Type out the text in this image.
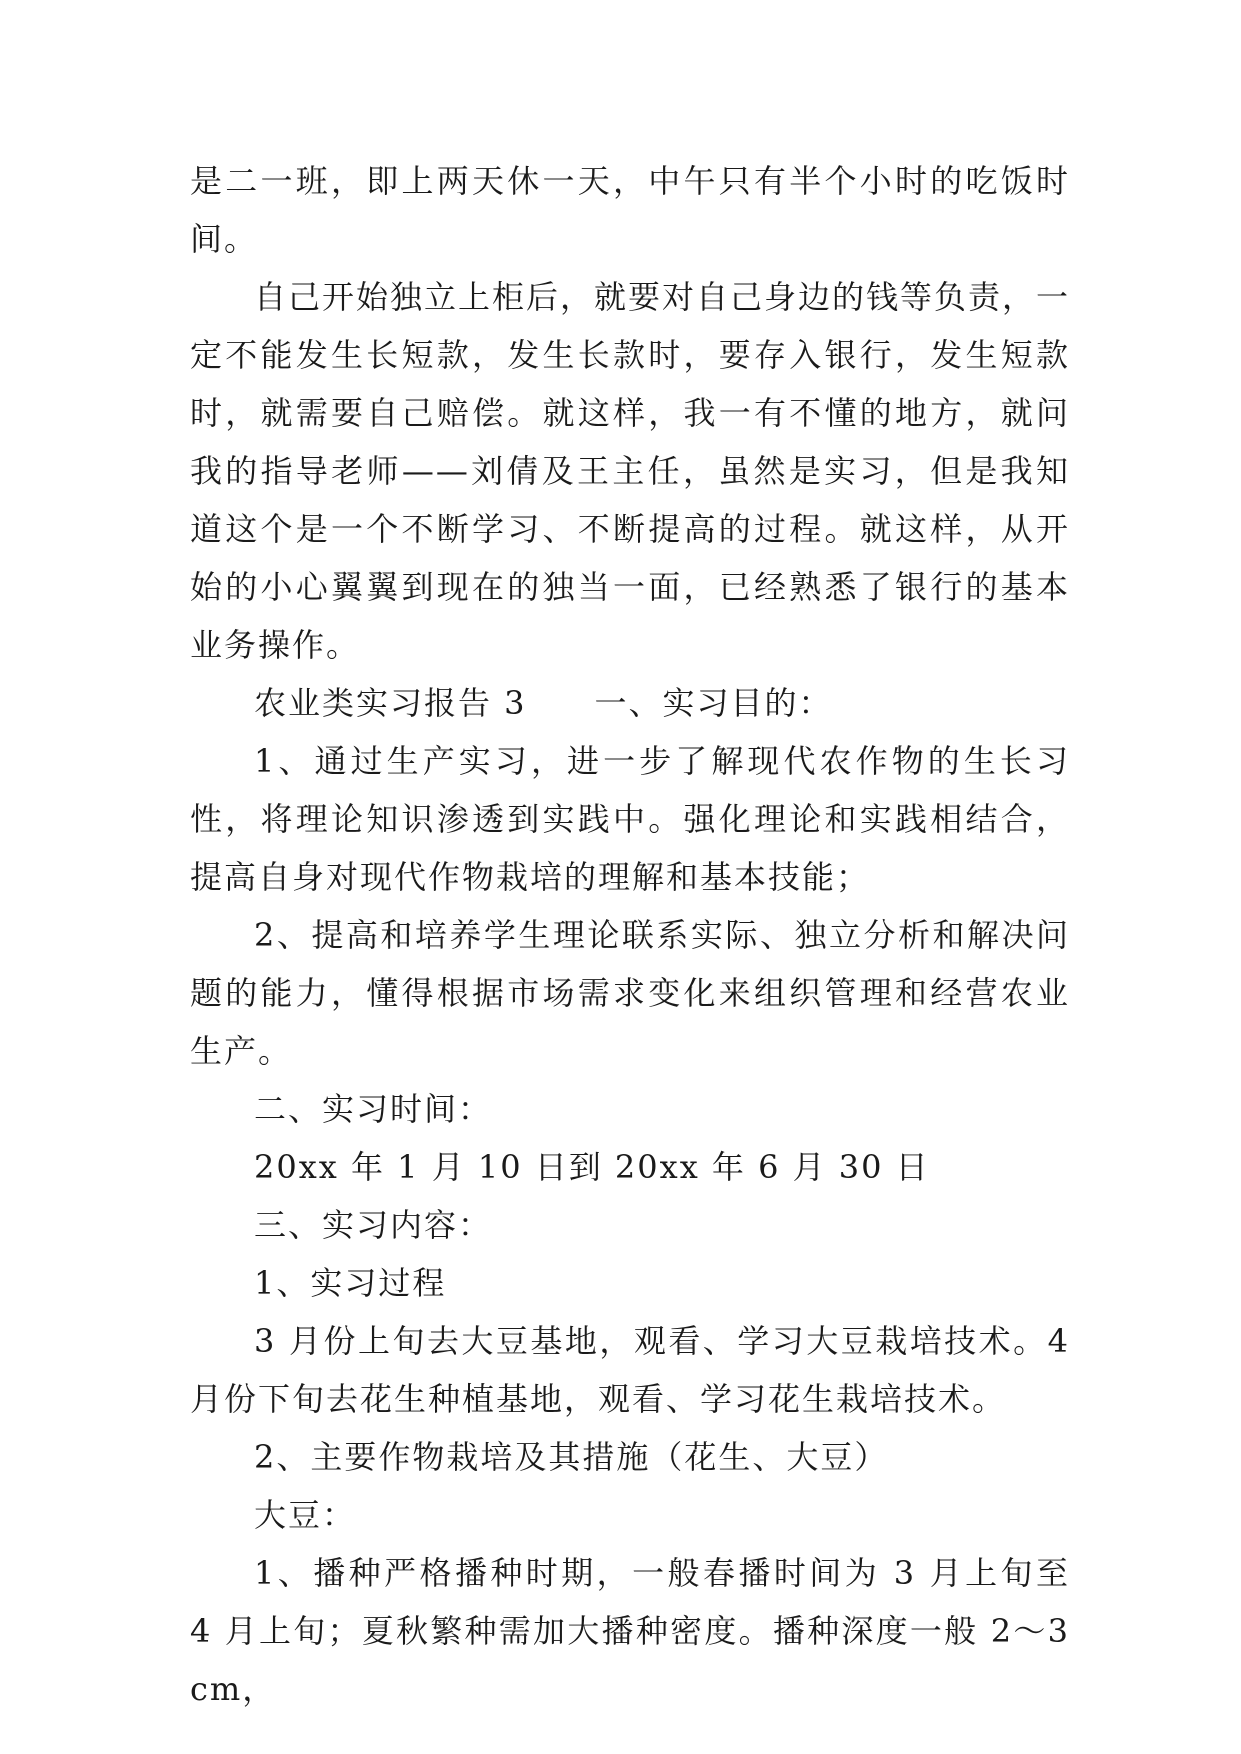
是二一班，即上两天休一天，中午只有半个小时的吃饭时间。

自己开始独立上柜后，就要对自己身边的钱等负责，一定不能发生长短款，发生长款时，要存入银行，发生短款时，就需要自己赔偿。就这样，我一有不懂的地方，就问我的指导老师——刘倩及王主任，虽然是实习，但是我知道这个是一个不断学习、不断提高的过程。就这样，从开始的小心翼翼到现在的独当一面，已经熟悉了银行的基本业务操作。

农业类实习报告 3　　一、实习目的：

1、通过生产实习，进一步了解现代农作物的生长习性，将理论知识渗透到实践中。强化理论和实践相结合，提高自身对现代作物栽培的理解和基本技能；

2、提高和培养学生理论联系实际、独立分析和解决问题的能力，懂得根据市场需求变化来组织管理和经营农业生产。

二、实习时间：

20xx 年 1 月 10 日到 20xx 年 6 月 30 日

三、实习内容：

1、实习过程

3 月份上旬去大豆基地，观看、学习大豆栽培技术。4 月份下旬去花生种植基地，观看、学习花生栽培技术。

2、主要作物栽培及其措施（花生、大豆）

大豆：

1、播种严格播种时期，一般春播时间为 3 月上旬至 4 月上旬；夏秋繁种需加大播种密度。播种深度一般 2～3cm，
